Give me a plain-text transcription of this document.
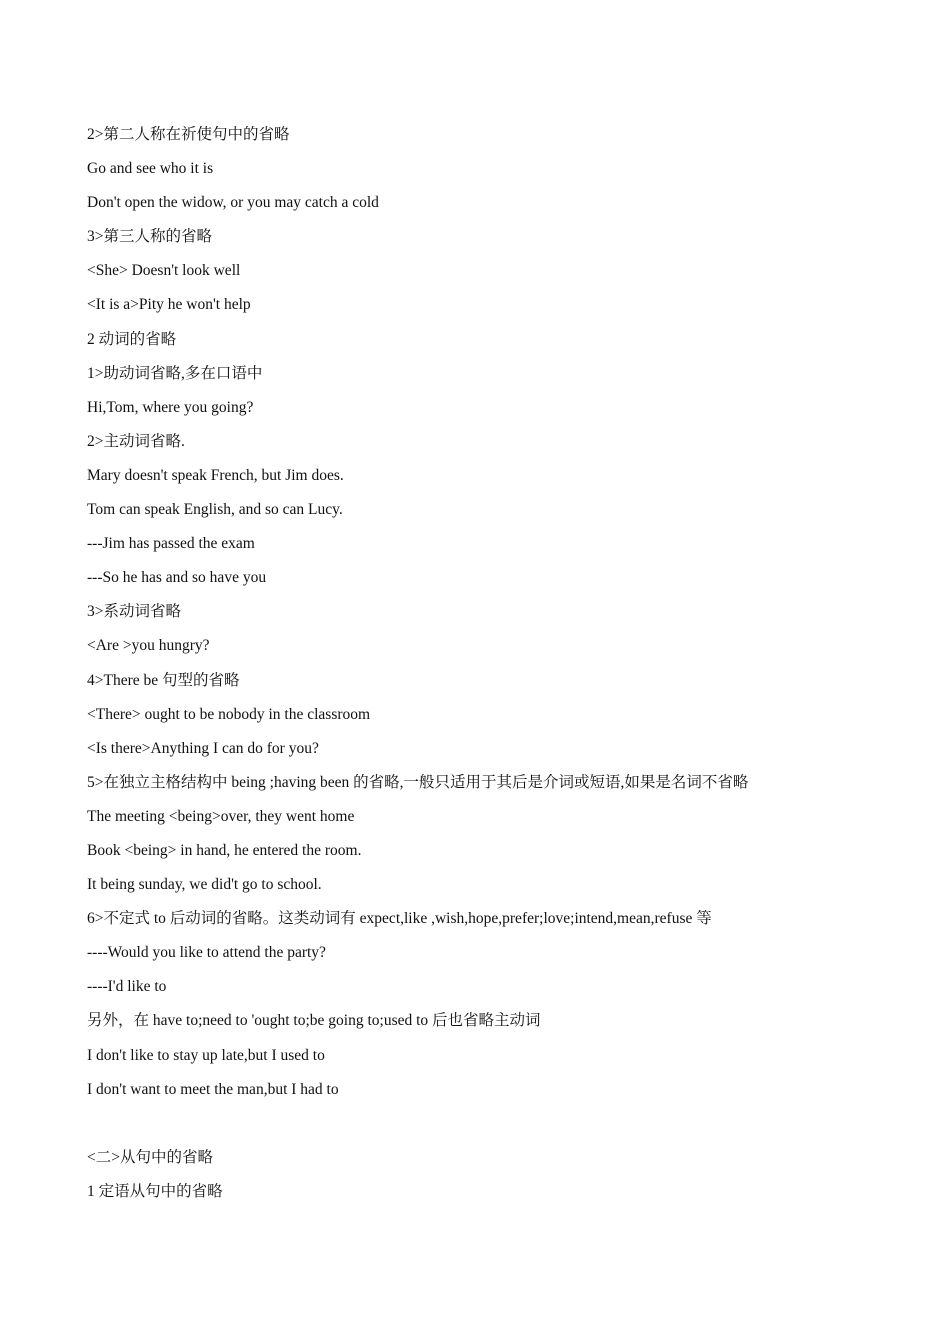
2>第二人称在祈使句中的省略
Go and see who it is
Don't open the widow, or you may catch a cold
3>第三人称的省略
<She> Doesn't look well
<It is a>Pity he won't help
2 动词的省略
1>助动词省略,多在口语中
Hi,Tom, where you going?
2>主动词省略.
Mary doesn't speak French, but Jim does.
Tom can speak English, and so can Lucy.
---Jim has passed the exam
---So he has and so have you
3>系动词省略
<Are >you hungry?
4>There be 句型的省略
<There> ought to be nobody in the classroom
<Is there>Anything I can do for you?
5>在独立主格结构中 being ;having been 的省略,一般只适用于其后是介词或短语,如果是名词不省略
The meeting <being>over, they went home
Book <being> in hand, he entered the room.
It being sunday, we did't go to school.
6>不定式 to 后动词的省略。这类动词有 expect,like ,wish,hope,prefer;love;intend,mean,refuse 等
----Would you like to attend the party?
----I'd like to
另外，在 have to;need to 'ought to;be going to;used to 后也省略主动词
I don't like to stay up late,but I used to
I don't want to meet the man,but I had to
<二>从句中的省略
1 定语从句中的省略
